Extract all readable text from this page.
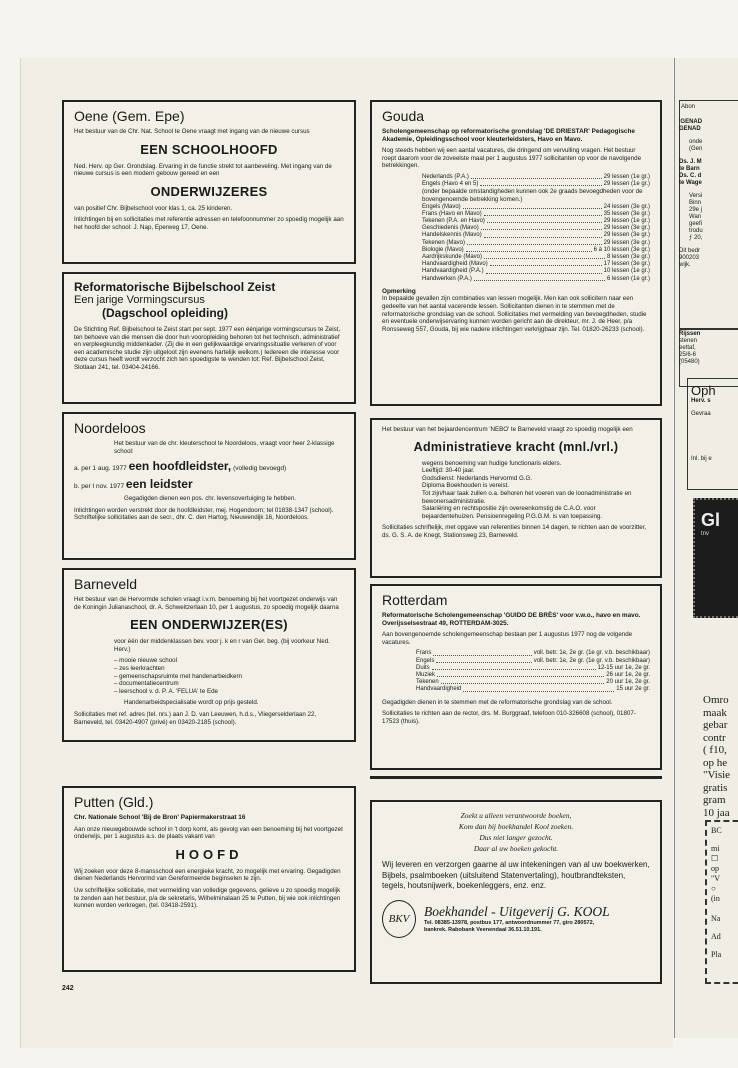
Oene (Gem. Epe)

Het bestuur van de Chr. Nat. School te Oene vraagt met ingang van de nieuwe cursus

EEN SCHOOLHOOFD

Ned. Herv. op Ger. Grondslag. Ervaring in de functie strekt tot aanbeveling. Met ingang van de nieuwe cursus is een modern gebouw gereed en een

ONDERWIJZERES

van positief Chr. Bijbelschool voor klas 1, ca. 25 kinderen.

Inlichtingen bij en sollicitaties met referentie adressen en telefoonnummer zo spoedig mogelijk aan het hoofd der school: J. Nap, Eperweg 17, Oene.

Reformatorische Bijbelschool Zeist
Een jarige Vormingscursus
(Dagschool opleiding)

De Stichting Ref. Bijbelschool te Zeist start per sept. 1977 een éénjarige vormingscursus te Zeist, ten behoeve van die mensen die door hun vooropleiding behoren tot het technisch, administratief en verpleegkundig middenkader. (Zij die in een gelijkwaardige ervaringssituatie verkeren of voor een academische studie zijn uitgeloot zijn evenens hartelijk welkom.) Iedereen die interesse voor deze cursus heeft wordt verzocht zich ten spoedigste te wenden tot: Ref. Bijbelschool Zeist, Slotlaan 241, tel. 03404-24166.

Noordeloos

Het bestuur van de chr. kleuterschool te Noordeloos, vraagt voor heer 2-klassige school:

a. per 1 aug. 1977 een hoofdleidster, (volledig bevoegd)
b. per I nov. 1977 een leidster

Gegadigden dienen een pos. chr. levensovertuiging te hebben.

Inlichtingen worden verstrekt door de hoofdleidster, mej. Hogendoorn; tel 01838-1347 (school). Schriftelijke sollicitaties aan de secr., dhr. C. den Hartog, Nieuwendijk 16, Noordeloos.

Barneveld

Het bestuur van de Hervormde scholen vraagt i.v.m. benoeming bij het voortgezet onderwijs van de Koningin Julianaschool, dr. A. Schweitzerlaan 10, per 1 augustus, zo spoedig mogelijk daarna

EEN ONDERWIJZER(ES)

voor één der middenklassen bev. voor j. k en r van Ger. beg. (bij voorkeur Ned. Herv.)

– mooie nieuwe school
– zes leerkrachten
– gemeenschapsruimte met handenarbeidkern
– documentatiecentrum
– leerschool v. d. P. A. 'FELUA' te Ede

Handenarbeidspecialisatie wordt op prijs gesteld.

Sollicitaties met ref. adres (tel. nrs.) aan J. D. van Leeuwen, h.d.s., Vliegerselderlaan 22, Barneveld, tel. 03420-4907 (privé) en 03420-2185 (school).

Putten (Gld.)

Chr. Nationale School 'Bij de Bron' Papiermakerstraat 16

Aan onze nieuwgebouwde school in 't dorp komt, als gevolg van een benoeming bij het voortgezet onderwijs, per 1 augustus a.s. de plaats vakant van

HOOFD

Wij zoeken voor deze 8-mansschool een energieke kracht, zo mogelijk met ervaring. Gegadigden dienen Nederlands Hervormd van Gereformeerde beginselen te zijn.

Uw schriftelijke sollicitatie, met vermelding van volledige gegevens, gelieve u zo spoedig mogelijk te zenden aan het bestuur, p/a de sekretaris, Wilhelminalaan 25 te Putten, bij wie ook inlichtingen kunnen worden verkregen, (tel. 03418-2591).

242
Gouda

Scholengemeenschap op reformatorische grondslag 'DE DRIESTAR' Pedagogische Akademie, Opleidingsschool voor kleuterleidsters, Havo en Mavo.

Nog steeds hebben wij een aantal vacatures, die dringend om vervulling vragen. Het bestuur roept daarom voor de zoveelste maal per 1 augustus 1977 sollicitanten op voor de navolgende betrekkingen.

Nederlands (P.A.)	29 lessen (1e gr.)
Engels (Havo 4 en 5)	29 lessen (1e gr.)
(onder bepaalde omstandigheden kunnen ook 2e graads bevoegdheden voor de bovengenoemde betrekking komen.)
Engels (Mavo)	24 lessen (3e gr.)
Frans (Havo en Mavo)	35 lessen (3e gr.)
Tekenen (P.A. en Havo)	29 lessen (1e gr.)
Geschiedenis (Mavo)	29 lessen (3e gr.)
Handelskennis (Mavo)	29 lessen (3e gr.)
Tekenen (Mavo)	29 lessen (3e gr.)
Biologie (Mavo)	6 à 10 lessen (3e gr.)
Aardrijkskunde (Mavo)	8 lessen (3e gr.)
Handvaardigheid (Mavo)	17 lessen (3e gr.)
Handvaardigheid (P.A.)	10 lessen (1e gr.)
Handwerken (P.A.)	6 lessen (1e gr.)
Opmerking

In bepaalde gevallen zijn combinaties van lessen mogelijk. Men kan ook sollicitern naar een gedeelte van het aantal vacerende lessen. Sollicitanten dienen in te stemmen met de reformatorische grondslag van de school. Sollicitaties met vermelding van bevoegdheden, studie en eventuele onderwijservaring kunnen worden gericht aan de direkteur, mr. J. de Heer, p/a Ronsseweg 557, Gouda, bij wie nadere inlichtingen verkrijgbaar zijn. Tel. 01820-26233 (school).

Het bestuur van het bejaardencentrum 'NEBO' te Barneveld vraagt zo spoedig mogelijk een

Administratieve kracht (mnl./vrl.)
wegens benoeming van hudige functionaris elders.
Leeftijd: 30-40 jaar.
Godsdienst: Nederlands Hervormd G.G.
Diploma Boekhouden is vereist.
Tot zijn/haar taak zullen o.a. behoren het voeren van de loonadministratie en bewonersadministratie.
Salariëring en rechtspositie zijn overeenkomstig de C.A.O. voor bejaardentehuizen. Pensioenregeling P.G.G.M. is van toepassing.

Sollicitaties schriftelijk, met opgave van referenties binnen 14 dagen, te richten aan de voorzitter, ds. G. S. A. de Knegt, Stationsweg 23, Barneveld.

Rotterdam

Reformatorische Scholengemeenschap 'GUIDO DE BRÈS' voor v.w.o., havo en mavo. Overijsselsestraat 49, ROTTERDAM-3025.

Aan bovengenoemde scholengemeenschap bestaan per 1 augustus 1977 nog de volgende vacatures.

Frans	voll. betr. 1e, 2e gr. (1e gr. v.b. beschikbaar)
Engels	voll. betr. 1e, 2e gr. (1e gr. v.b. beschikbaar)
Duits	12-15 uur 1e, 2e gr.
Muziek	26 uur 1e, 2e gr.
Tekenen	20 uur 1e, 2e gr.
Handvaardigheid	15 uur 2e gr.

Gegadigden dienen in te stemmen met de reformatorische grondslag van de school.

Sollicitaties te richten aan de rector, drs. M. Burggraaf, telefoon 010-326608 (school), 01807-17523 (thuis).

Zoekt u alleen verantwoorde boeken,
Kom dan bij boekhandel Kool zoeken.
Dus niet langer gezocht.
Daar al uw boeken gekocht.

Wij leveren en verzorgen gaarne al uw intekeningen van al uw boekwerken, Bijbels, psalmboeken (uitsluitend Statenvertaling), houtbrandteksten, tegels, houtsnijwerk, boekenleggers, enz. enz.

BKV	Boekhandel - Uitgeverij G. KOOL
Tel. 08385-13978, postbus 177, antwoordnummer 77, giro 280572, bankrek. Rabobank Veenendaal 36.51.10.191.
Abon
'GENAD
GENAD
onde
(Gen
Ds. J. M
te Barn
Ds. C. d
te Wage
Versi
Binn
29e j
Wan
geefi
trodu
ƒ 20,
Dit bedr
900203
wijk.
Rijssen
stenen
eettaf,
25/6-6
(05480)
Oph
Herv. s
Gevraa
Inl. bij e
Gl
tnv
Omro
maak
gebar
contr
( f10,
op he
"Visie
gratis
gram
10 jaa
BC
mi
☐
op
"V
○
(in
Na
Ad
Pla
